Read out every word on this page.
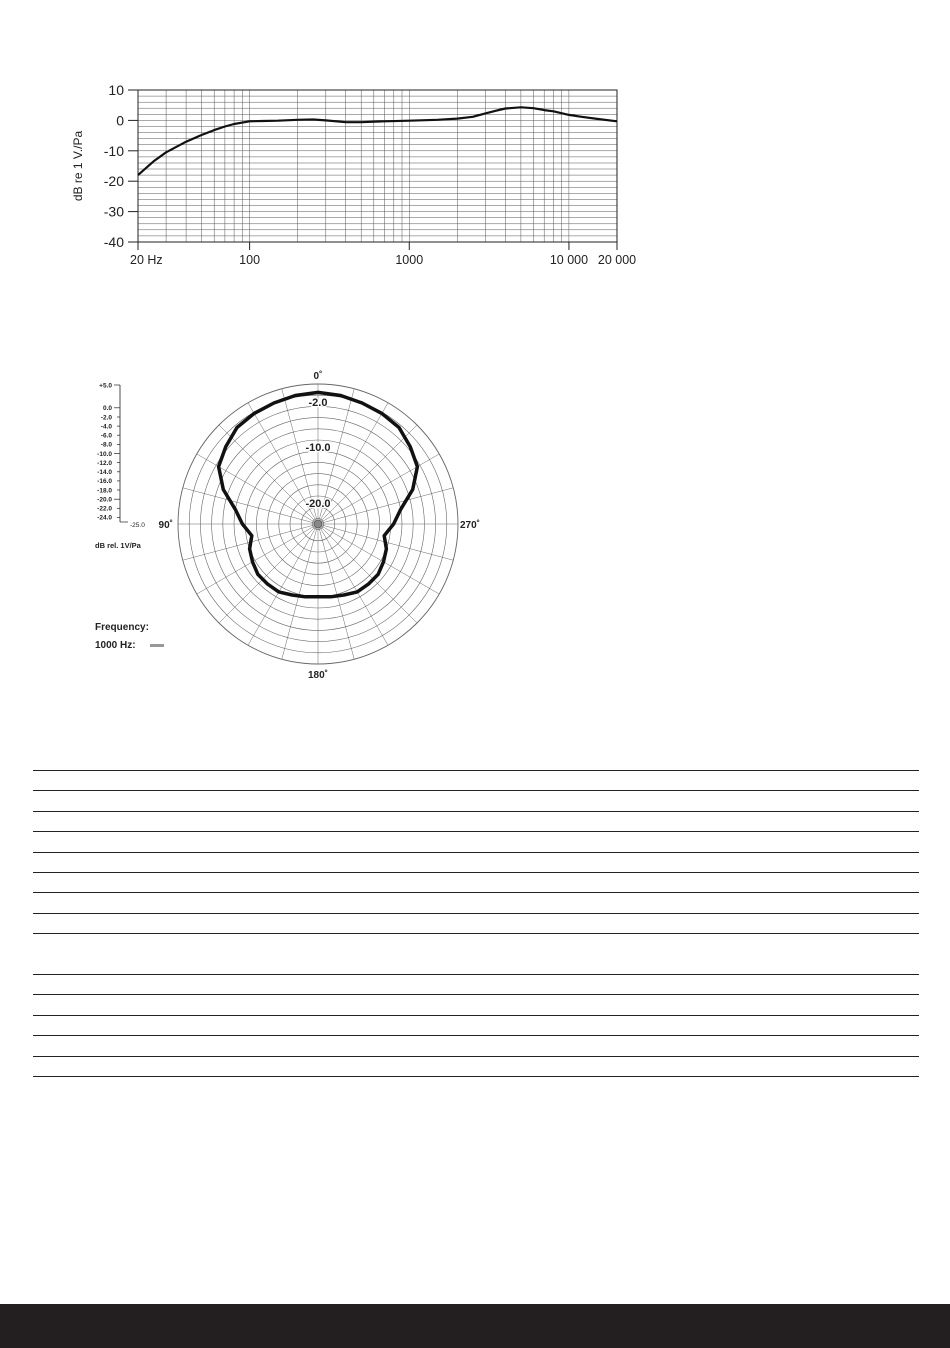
10
0
-10
-20
-30
-40
20 Hz	100	1000	10 000 20 000
dB re 1 V./Pa
+5.0
0.0
-2.0
-4.0
-6.0
-8.0
-10.0
-12.0
-14.0
-16.0
-18.0
-20.0
-22.0
-24.0
dB rel. 1V/Pa
-25.0
-2.0
-10.0
-20.0
0˚
90˚	270˚
180˚
Frequency:
1000 Hz:
